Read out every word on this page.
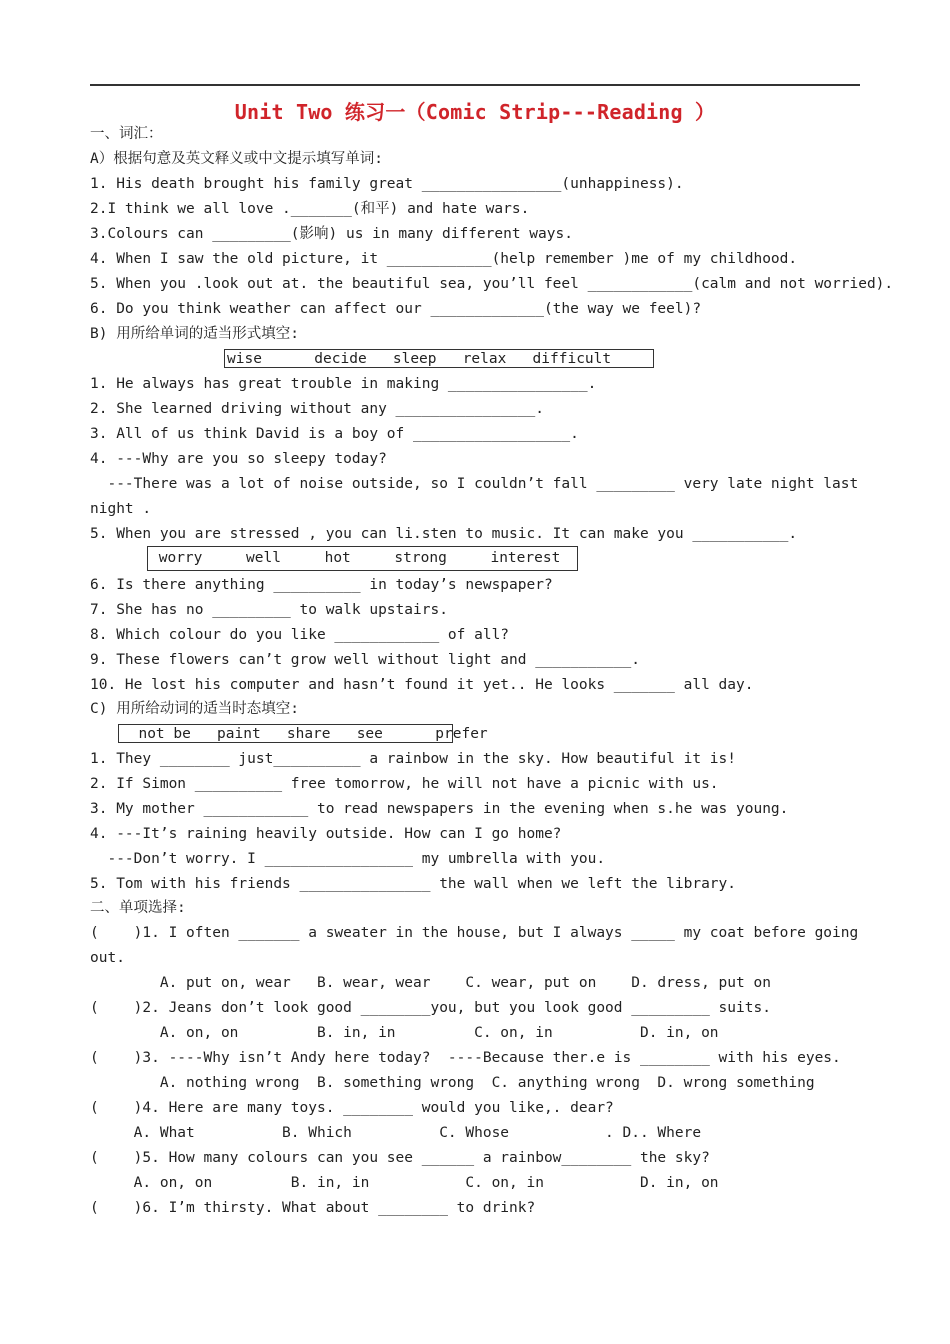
Unit Two 练习一（Comic Strip---Reading ）
一、词汇：
A）根据句意及英文释义或中文提示填写单词:
1. His death brought his family great ________________(unhappiness).
2.I think we all love ._______(和平) and hate wars.
3.Colours can _________(影响) us in many different ways.
4. When I saw the old picture, it ____________(help remember )me of my childhood.
5. When you .look out at. the beautiful sea, you’ll feel ____________(calm and not worried).
6. Do you think weather can affect our _____________(the way we feel)?
B) 用所给单词的适当形式填空:
wise      decide   sleep   relax   difficult
1. He always has great trouble in making ________________.
2. She learned driving without any ________________.
3. All of us think David is a boy of __________________.
4. ---Why are you so sleepy today?
---There was a lot of noise outside, so I couldn’t fall _________ very late night last
night .
5. When you are stressed , you can li.sten to music. It can make you ___________.
worry     well     hot     strong     interest
6. Is there anything __________ in today’s newspaper?
7. She has no _________ to walk upstairs.
8. Which colour do you like ____________ of all?
9. These flowers can’t grow well without light and ___________.
10. He lost his computer and hasn’t found it yet.. He looks _______ all day.
C) 用所给动词的适当时态填空:
not be   paint   share   see      prefer
1. They ________ just__________ a rainbow in the sky. How beautiful it is!
2. If Simon __________ free tomorrow, he will not have a picnic with us.
3. My mother ____________ to read newspapers in the evening when s.he was young.
4. ---It’s raining heavily outside. How can I go home?
---Don’t worry. I _________________ my umbrella with you.
5. Tom with his friends _______________ the wall when we left the library.
二、单项选择:
(    )1. I often _______ a sweater in the house, but I always _____ my coat before going
out.
A. put on, wear   B. wear, wear    C. wear, put on    D. dress, put on
(    )2. Jeans don’t look good ________you, but you look good _________ suits.
A. on, on         B. in, in         C. on, in          D. in, on
(    )3. ----Why isn’t Andy here today?  ----Because ther.e is ________ with his eyes.
A. nothing wrong  B. something wrong  C. anything wrong  D. wrong something
(    )4. Here are many toys. ________ would you like,. dear?
A. What          B. Which          C. Whose           . D.. Where
(    )5. How many colours can you see ______ a rainbow________ the sky?
A. on, on         B. in, in           C. on, in           D. in, on
(    )6. I’m thirsty. What about ________ to drink?
